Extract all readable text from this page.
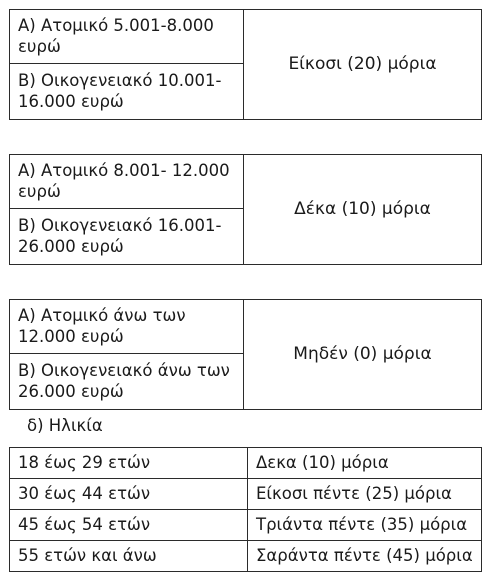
Α) Ατομικό 5.001-8.000 ευρώ	Είκοσι (20) μόρια
Β) Οικογενειακό 10.001-16.000 ευρώ
Α) Ατομικό 8.001- 12.000 ευρώ	Δέκα (10) μόρια
Β) Οικογενειακό 16.001-26.000 ευρώ
Α) Ατομικό άνω των 12.000 ευρώ	Μηδέν (0) μόρια
Β) Οικογενειακό άνω των 26.000 ευρώ
δ) Ηλικία
18 έως 29 ετών	Δεκα (10) μόρια
30 έως 44 ετών	Είκοσι πέντε (25) μόρια
45 έως 54 ετών	Τριάντα πέντε (35) μόρια
55 ετών και άνω	Σαράντα πέντε (45) μόρια
